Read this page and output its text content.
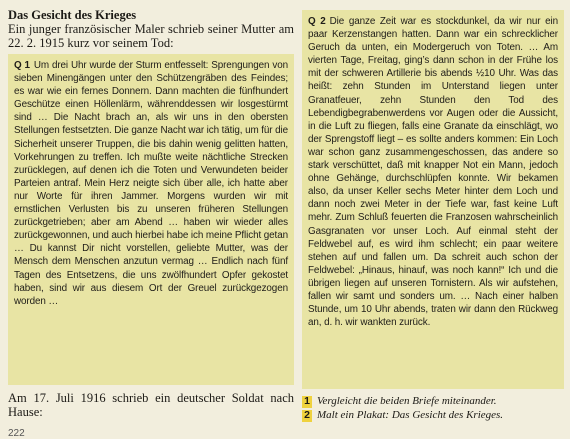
Das Gesicht des Krieges

Ein junger französischer Maler schrieb seiner Mutter am 22. 2. 1915 kurz vor seinem Tod:

Q 1 Um drei Uhr wurde der Sturm entfesselt: Sprengungen von sieben Minengängen unter den Schützengräben des Feindes; es war wie ein fernes Donnern. Dann machten die fünfhundert Geschütze einen Höllenlärm, währenddessen wir losgestürmt sind … Die Nacht brach an, als wir uns in den obersten Stellungen festsetzten. Die ganze Nacht war ich tätig, um für die Sicherheit unserer Truppen, die bis dahin wenig gelitten hatten, Vorkehrungen zu treffen. Ich mußte weite nächtliche Strecken zurücklegen, auf denen ich die Toten und Verwundeten beider Parteien antraf. Mein Herz neigte sich über alle, ich hatte aber nur Worte für ihren Jammer. Morgens wurden wir mit ernstlichen Verlusten bis zu unseren früheren Stellungen zurückgetrieben; aber am Abend … haben wir wieder alles zurückgewonnen, und auch hierbei habe ich meine Pflicht getan … Du kannst Dir nicht vorstellen, geliebte Mutter, was der Mensch dem Menschen anzutun vermag … Endlich nach fünf Tagen des Entsetzens, die uns zwölfhundert Opfer gekostet haben, sind wir aus diesem Ort der Greuel zurückgezogen worden …

Am 17. Juli 1916 schrieb ein deutscher Soldat nach Hause:

Q 2 Die ganze Zeit war es stockdunkel, da wir nur ein paar Kerzenstangen hatten. Dann war ein schrecklicher Geruch da unten, ein Modergeruch von Toten. … Am vierten Tage, Freitag, ging’s dann schon in der Frühe los mit der schweren Artillerie bis abends ½10 Uhr. Was das heißt: zehn Stunden im Unterstand liegen unter Granatfeuer, zehn Stunden den Tod des Lebendigbegrabenwerdens vor Augen oder die Aussicht, in die Luft zu fliegen, falls eine Granate da einschlägt, wo der Sprengstoff liegt – es sollte anders kommen: Ein Loch war schon ganz zusammengeschossen, das andere so stark verschüttet, daß mit knapper Not ein Mann, jedoch ohne Gehänge, durchschlüpfen konnte. Wir bekamen also, da unser Keller sechs Meter hinter dem Loch und dann noch zwei Meter in der Tiefe war, fast keine Luft mehr. Zum Schluß feuerten die Franzosen wahrscheinlich Gasgranaten vor unser Loch. Auf einmal steht der Feldwebel auf, es wird ihm schlecht; ein paar weitere stehen auf und fallen um. Da schreit auch schon der Feldwebel: „Hinaus, hinauf, was noch kann!“ Ich und die übrigen liegen auf unseren Tornistern. Als wir aufstehen, fallen wir samt und sonders um. … Nach einer halben Stunde, um 10 Uhr abends, traten wir dann den Rückweg an, d. h. wir wankten zurück.
1 Vergleicht die beiden Briefe miteinander.
2 Malt ein Plakat: Das Gesicht des Krieges.
222
